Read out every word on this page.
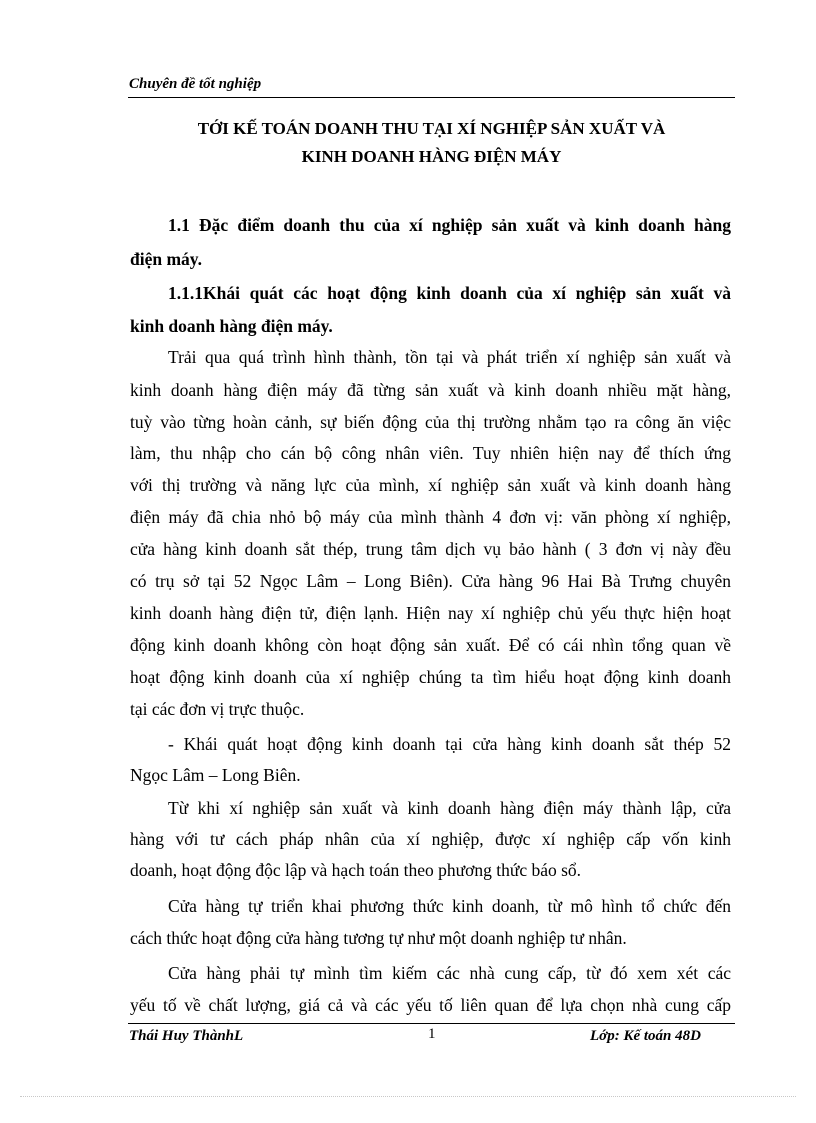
Chuyên đề tốt nghiệp
TỚI KẾ TOÁN DOANH THU TẠI XÍ NGHIỆP SẢN XUẤT VÀ
KINH DOANH HÀNG ĐIỆN MÁY
1.1 Đặc điểm doanh thu của xí nghiệp sản xuất và kinh doanh hàng
điện máy.
1.1.1Khái quát các hoạt động kinh doanh của xí nghiệp sản xuất và
kinh doanh hàng điện máy.
Trải qua quá trình hình thành, tồn tại và phát triển xí nghiệp sản xuất và
kinh doanh hàng điện máy đã từng sản xuất và kinh doanh nhiều mặt hàng,
tuỳ vào từng hoàn cảnh, sự biến động của thị trường nhằm tạo ra công ăn việc
làm, thu nhập cho cán bộ công nhân viên. Tuy nhiên hiện nay để thích ứng
với thị trường và năng lực của mình, xí nghiệp sản xuất và kinh doanh hàng
điện máy đã chia nhỏ bộ máy của mình thành 4 đơn vị: văn phòng xí nghiệp,
cửa hàng kinh doanh sắt thép, trung tâm dịch vụ bảo hành ( 3 đơn vị này đều
có trụ sở tại 52 Ngọc Lâm – Long Biên). Cửa hàng 96 Hai Bà Trưng chuyên
kinh doanh hàng điện tử, điện lạnh. Hiện nay xí nghiệp chủ yếu thực hiện hoạt
động kinh doanh không còn hoạt động sản xuất. Để có cái nhìn tổng quan về
hoạt động kinh doanh của xí nghiệp chúng ta tìm hiểu hoạt động kinh doanh
tại các đơn vị trực thuộc.
- Khái quát hoạt động kinh doanh tại cửa hàng kinh doanh sắt thép 52
Ngọc Lâm – Long Biên.
Từ khi xí nghiệp sản xuất và kinh doanh hàng điện máy thành lập, cửa
hàng với tư cách pháp nhân của xí nghiệp, được xí nghiệp cấp vốn kinh
doanh, hoạt động độc lập và hạch toán theo phương thức báo sổ.
Cửa hàng tự triển khai phương thức kinh doanh, từ mô hình tổ chức đến
cách thức hoạt động cửa hàng tương tự như một doanh nghiệp tư nhân.
Cửa hàng phải tự mình tìm kiếm các nhà cung cấp, từ đó xem xét các
yếu tố về chất lượng, giá cả và các yếu tố liên quan để lựa chọn nhà cung cấp
Thái Huy ThànhL	1	Lớp: Kế toán 48D
